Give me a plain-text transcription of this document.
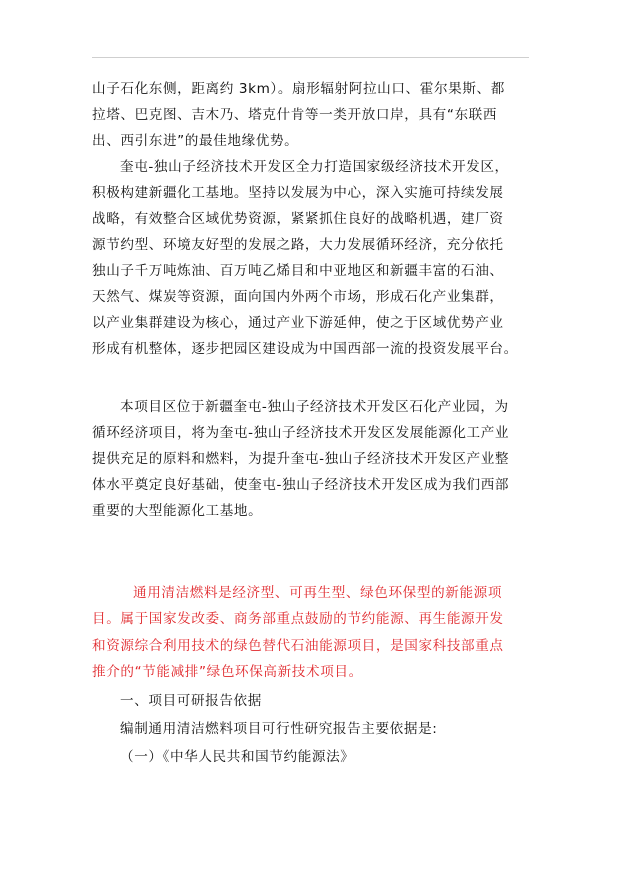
山子石化东侧，距离约 3km）。扇形辐射阿拉山口、霍尔果斯、都
拉塔、巴克图、吉木乃、塔克什肯等一类开放口岸，具有“东联西
出、西引东进”的最佳地缘优势。
奎屯-独山子经济技术开发区全力打造国家级经济技术开发区，
积极构建新疆化工基地。坚持以发展为中心，深入实施可持续发展
战略，有效整合区域优势资源，紧紧抓住良好的战略机遇，建厂资
源节约型、环境友好型的发展之路，大力发展循环经济，充分依托
独山子千万吨炼油、百万吨乙烯目和中亚地区和新疆丰富的石油、
天然气、煤炭等资源，面向国内外两个市场，形成石化产业集群，
以产业集群建设为核心，通过产业下游延伸，使之于区域优势产业
形成有机整体，逐步把园区建设成为中国西部一流的投资发展平台。
本项目区位于新疆奎屯-独山子经济技术开发区石化产业园，为
循环经济项目，将为奎屯-独山子经济技术开发区发展能源化工产业
提供充足的原料和燃料，为提升奎屯-独山子经济技术开发区产业整
体水平奠定良好基础，使奎屯-独山子经济技术开发区成为我们西部
重要的大型能源化工基地。
通用清洁燃料是经济型、可再生型、绿色环保型的新能源项
目。属于国家发改委、商务部重点鼓励的节约能源、再生能源开发
和资源综合利用技术的绿色替代石油能源项目，是国家科技部重点
推介的“节能减排”绿色环保高新技术项目。
一、项目可研报告依据
编制通用清洁燃料项目可行性研究报告主要依据是:
（一）《中华人民共和国节约能源法》
